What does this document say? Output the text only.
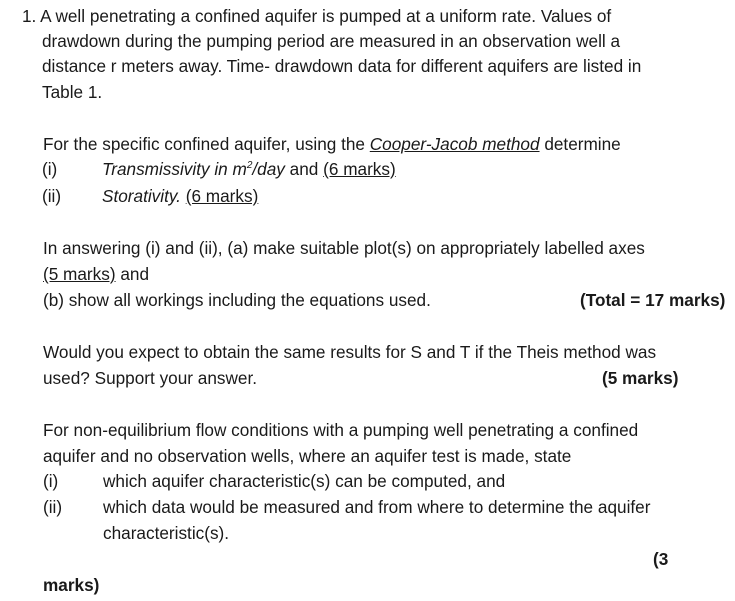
1. A well penetrating a confined aquifer is pumped at a uniform rate. Values of
drawdown during the pumping period are measured in an observation well a
distance r meters away. Time- drawdown data for different aquifers are listed in
Table 1.
For the specific confined aquifer, using the Cooper-Jacob method determine
(i)	Transmissivity in $m^2$/day and (6 marks)
(ii) Storativity. (6 marks)
In answering (i) and (ii), (a) make suitable plot(s) on appropriately labelled axes
(5 marks) and
(b) show all workings including the equations used.	(Total = 17 marks)
Would you expect to obtain the same results for S and T if the Theis method was
used? Support your answer.	(5 marks)
For non-equilibrium flow conditions with a pumping well penetrating a confined
aquifer and no observation wells, where an aquifer test is made, state
(i)	which aquifer characteristic(s) can be computed, and
(ii) which data would be measured and from where to determine the aquifer
characteristic(s).
(3
marks)
